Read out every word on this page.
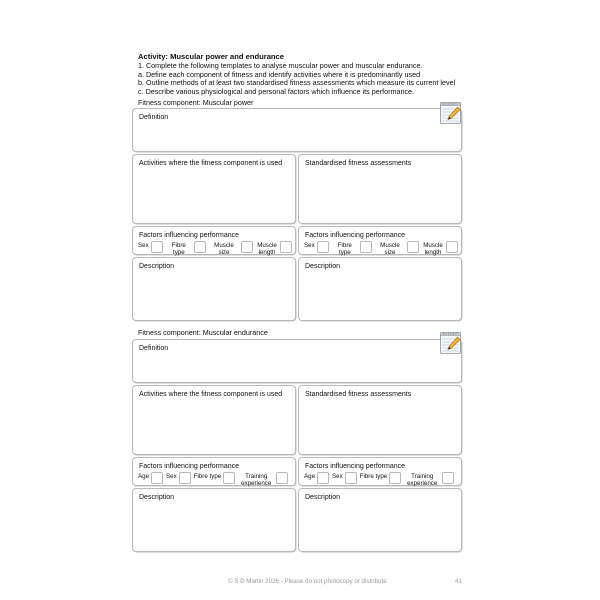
Activity: Muscular power and endurance
1. Complete the following templates to analyse muscular power and muscular endurance.
a. Define each component of fitness and identify activities where it is predominantly used
b. Outline methods of at least two standardised fitness assessments which measure its current level
c. Describe various physiological and personal factors which influence its performance.
Fitness component: Muscular power
Definition
Activities where the fitness component is used	Standardised fitness assessments
Factors influencing performance
Sex	Fibre type
Muscle size
Muscle length
Factors influencing performance
Sex	Fibre type
Muscle size
Muscle length
Description	Description
Fitness component: Muscular endurance
Definition
Activities where the fitness component is used	Standardised fitness assessments
Factors influencing performance
Age	Sex	Fibre type	Training experience
Factors influencing performance
Age	Sex	Fibre type	Training experience
Description	Description
© S D Martin 2026 - Please do not photocopy or distribute	41
